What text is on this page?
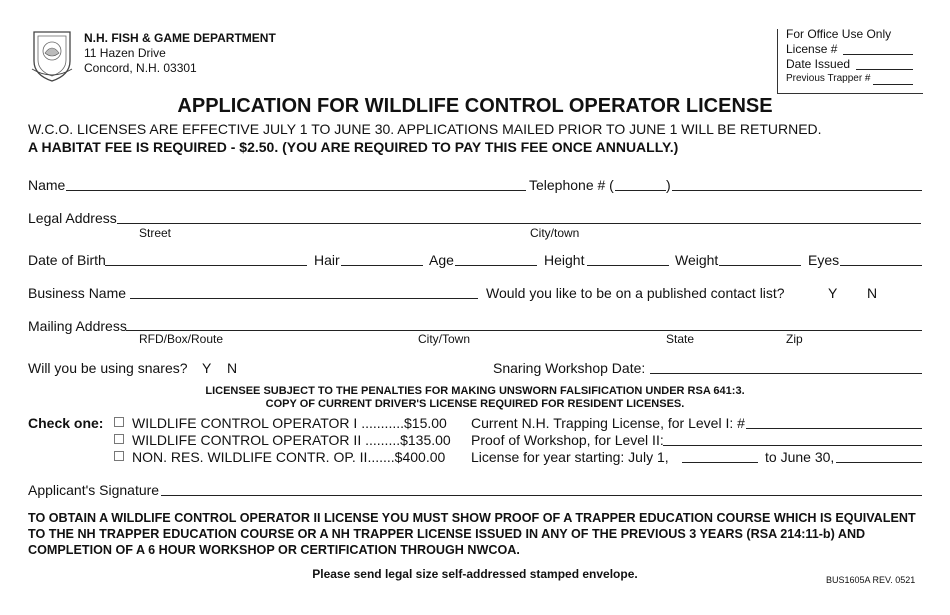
N.H. FISH & GAME DEPARTMENT
11 Hazen Drive
Concord, N.H. 03301
For Office Use Only
License #
Date Issued
Previous Trapper #
APPLICATION FOR WILDLIFE CONTROL OPERATOR LICENSE
W.C.O. LICENSES ARE EFFECTIVE JULY 1 TO JUNE 30. APPLICATIONS MAILED PRIOR TO JUNE 1 WILL BE RETURNED.
A HABITAT FEE IS REQUIRED - $2.50. (YOU ARE REQUIRED TO PAY THIS FEE ONCE ANNUALLY.)
Name	Telephone # (	)
Legal Address
Street	City/town
Date of Birth	Hair	Age	Height	Weight	Eyes
Business Name	Would you like to be on a published contact list?	Y N
Mailing Address
RFD/Box/Route	City/Town	State	Zip
Will you be using snares? Y N	Snaring Workshop Date:
LICENSEE SUBJECT TO THE PENALTIES FOR MAKING UNSWORN FALSIFICATION UNDER RSA 641:3.
COPY OF CURRENT DRIVER'S LICENSE REQUIRED FOR RESIDENT LICENSES.
Check one:	WILDLIFE CONTROL OPERATOR I ...........$15.00
WILDLIFE CONTROL OPERATOR II .........$135.00
NON. RES. WILDLIFE CONTR. OP. II.......$400.00
Current N.H. Trapping License, for Level I: #
Proof of Workshop, for Level II:
License for year starting: July 1,	to June 30,
Applicant's Signature
TO OBTAIN A WILDLIFE CONTROL OPERATOR II LICENSE YOU MUST SHOW PROOF OF A TRAPPER EDUCATION COURSE WHICH IS EQUIVALENT TO THE NH TRAPPER EDUCATION COURSE OR A NH TRAPPER LICENSE ISSUED IN ANY OF THE PREVIOUS 3 YEARS (RSA 214:11-b) AND COMPLETION OF A 6 HOUR WORKSHOP OR CERTIFICATION THROUGH NWCOA.
Please send legal size self-addressed stamped envelope.	BUS1605A REV. 0521
